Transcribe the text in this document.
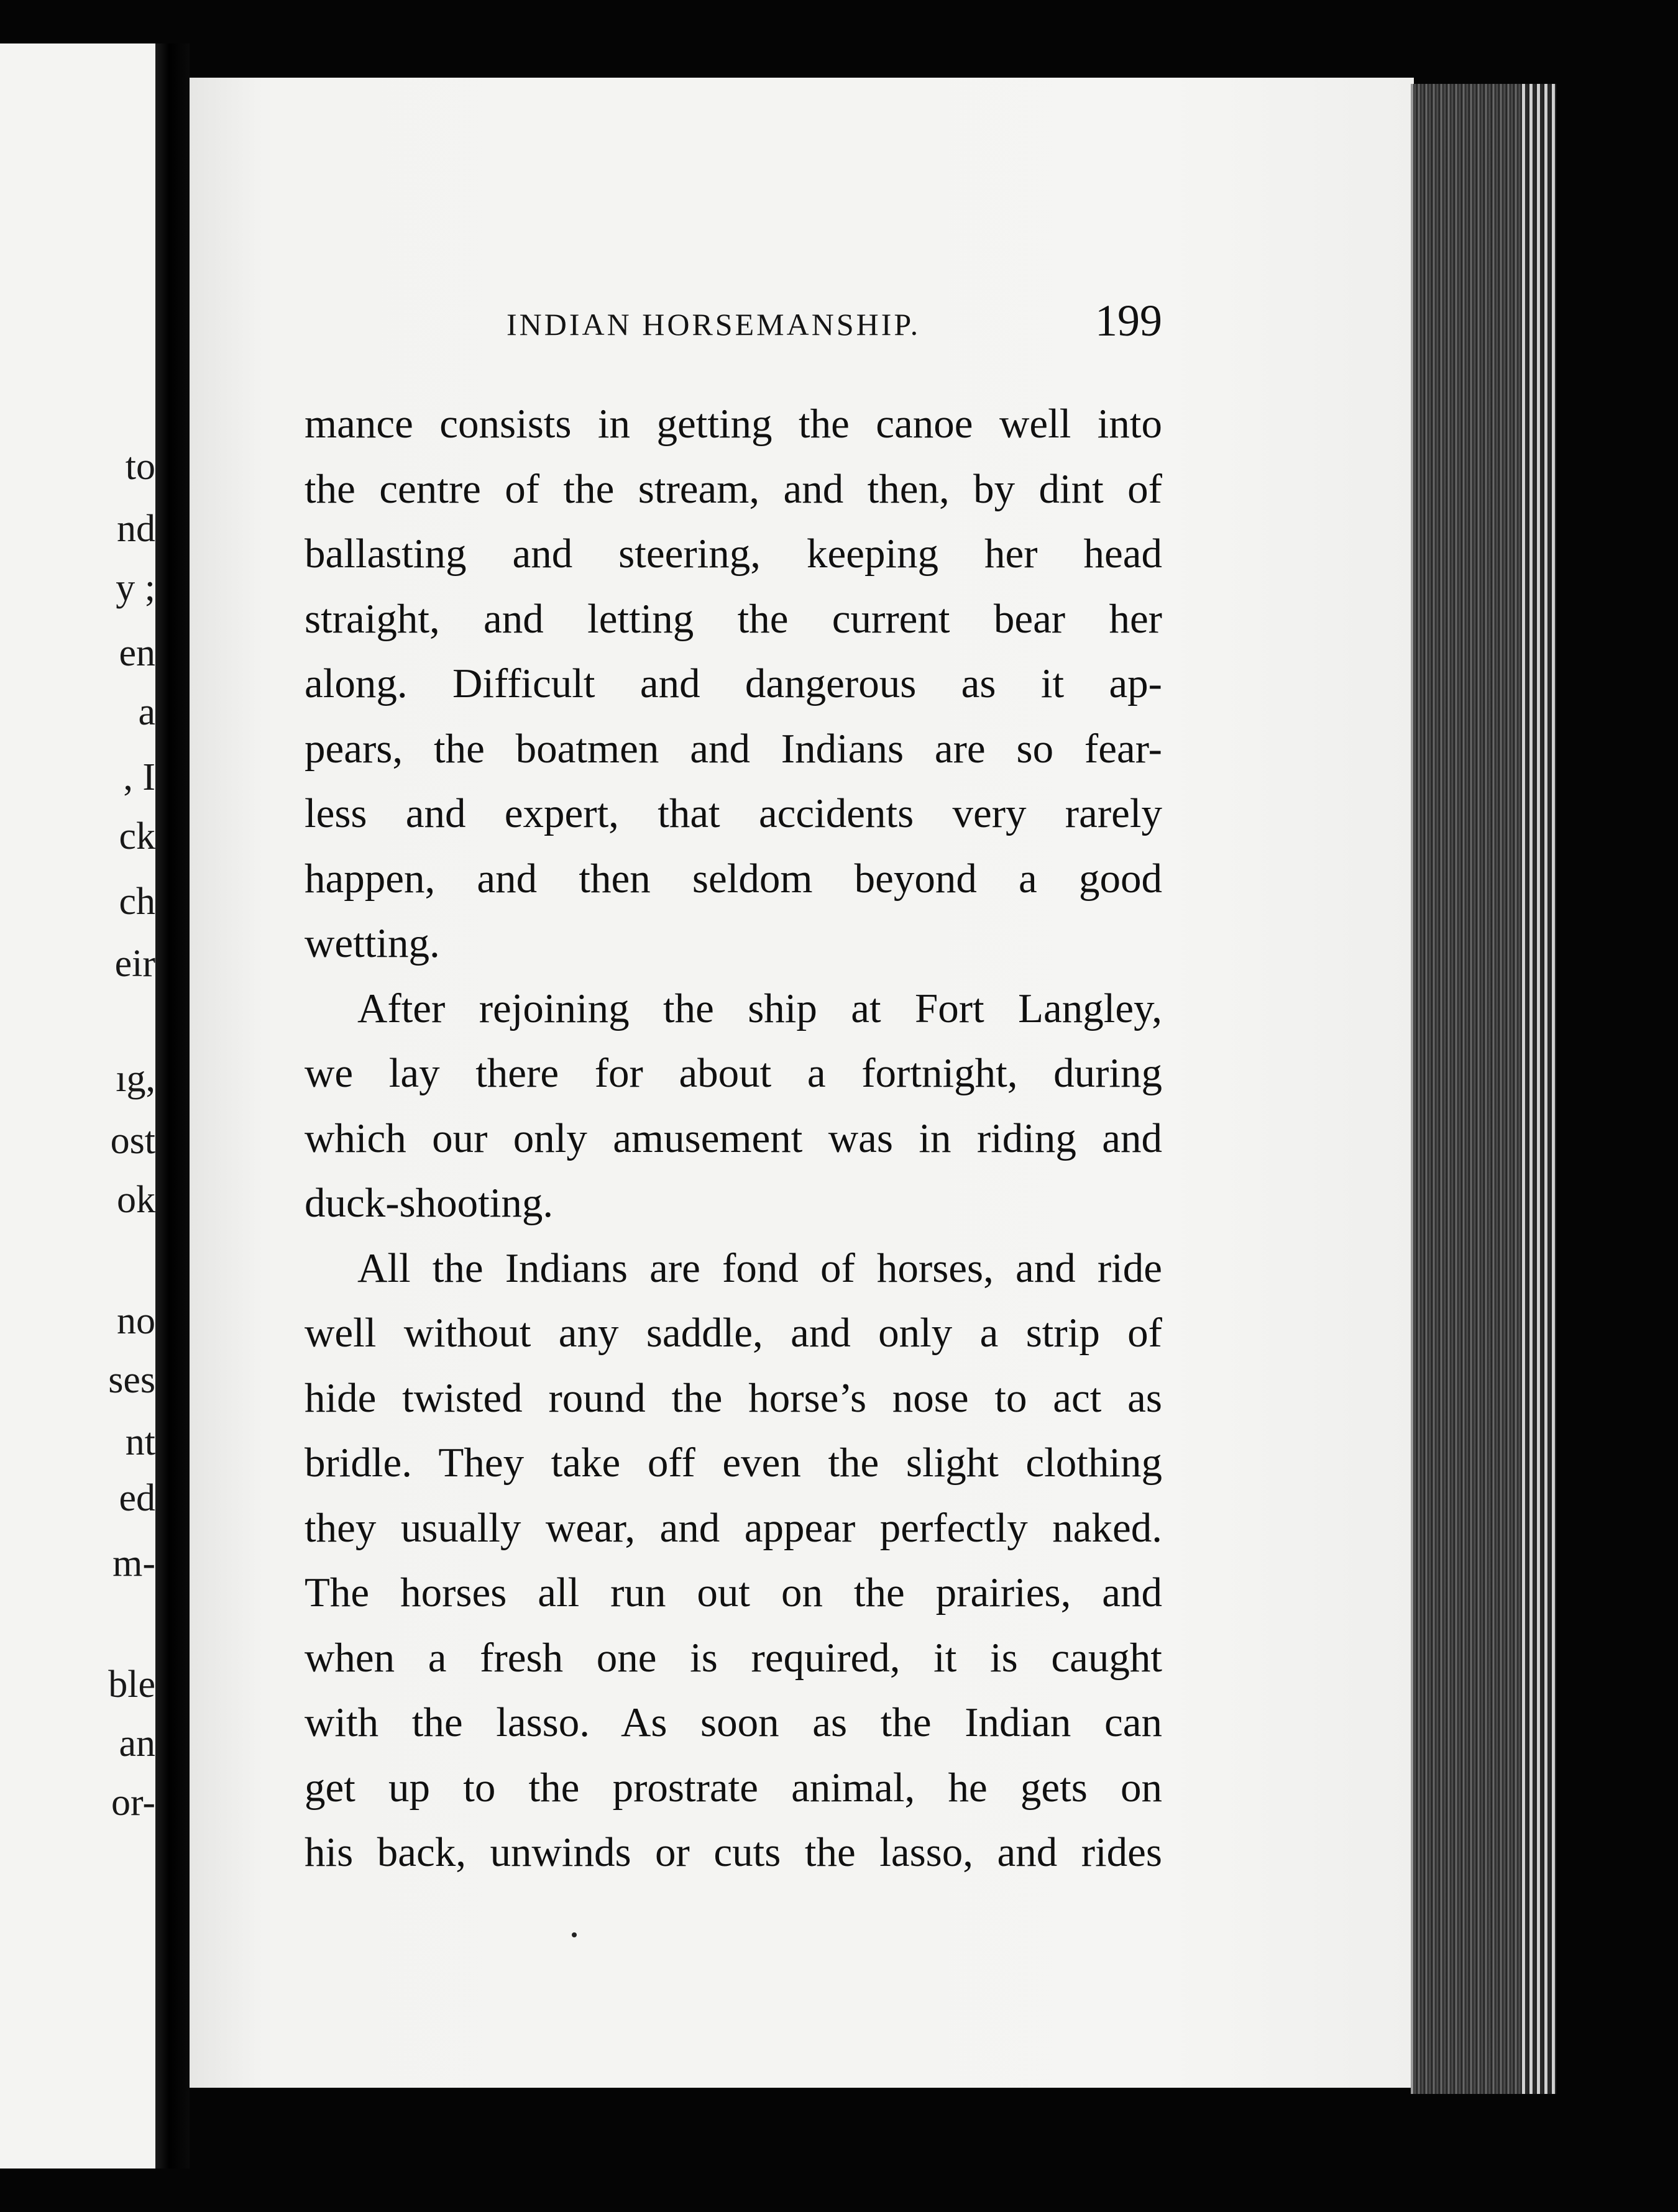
to
nd
y ;
en
a
, I
ck
ch
eir
ıg,
ost
ok
no
ses
nt
ed
m-
ble
an
or-
INDIAN HORSEMANSHIP.	199
mance consists in getting the canoe well into
the centre of the stream, and then, by dint of
ballasting and steering, keeping her head
straight, and letting the current bear her
along. Difficult and dangerous as it ap-
pears, the boatmen and Indians are so fear-
less and expert, that accidents very rarely
happen, and then seldom beyond a good
wetting.
After rejoining the ship at Fort Langley,
we lay there for about a fortnight, during
which our only amusement was in riding and
duck-shooting.
All the Indians are fond of horses, and ride
well without any saddle, and only a strip of
hide twisted round the horse’s nose to act as
bridle. They take off even the slight clothing
they usually wear, and appear perfectly naked.
The horses all run out on the prairies, and
when a fresh one is required, it is caught
with the lasso. As soon as the Indian can
get up to the prostrate animal, he gets on
his back, unwinds or cuts the lasso, and rides
